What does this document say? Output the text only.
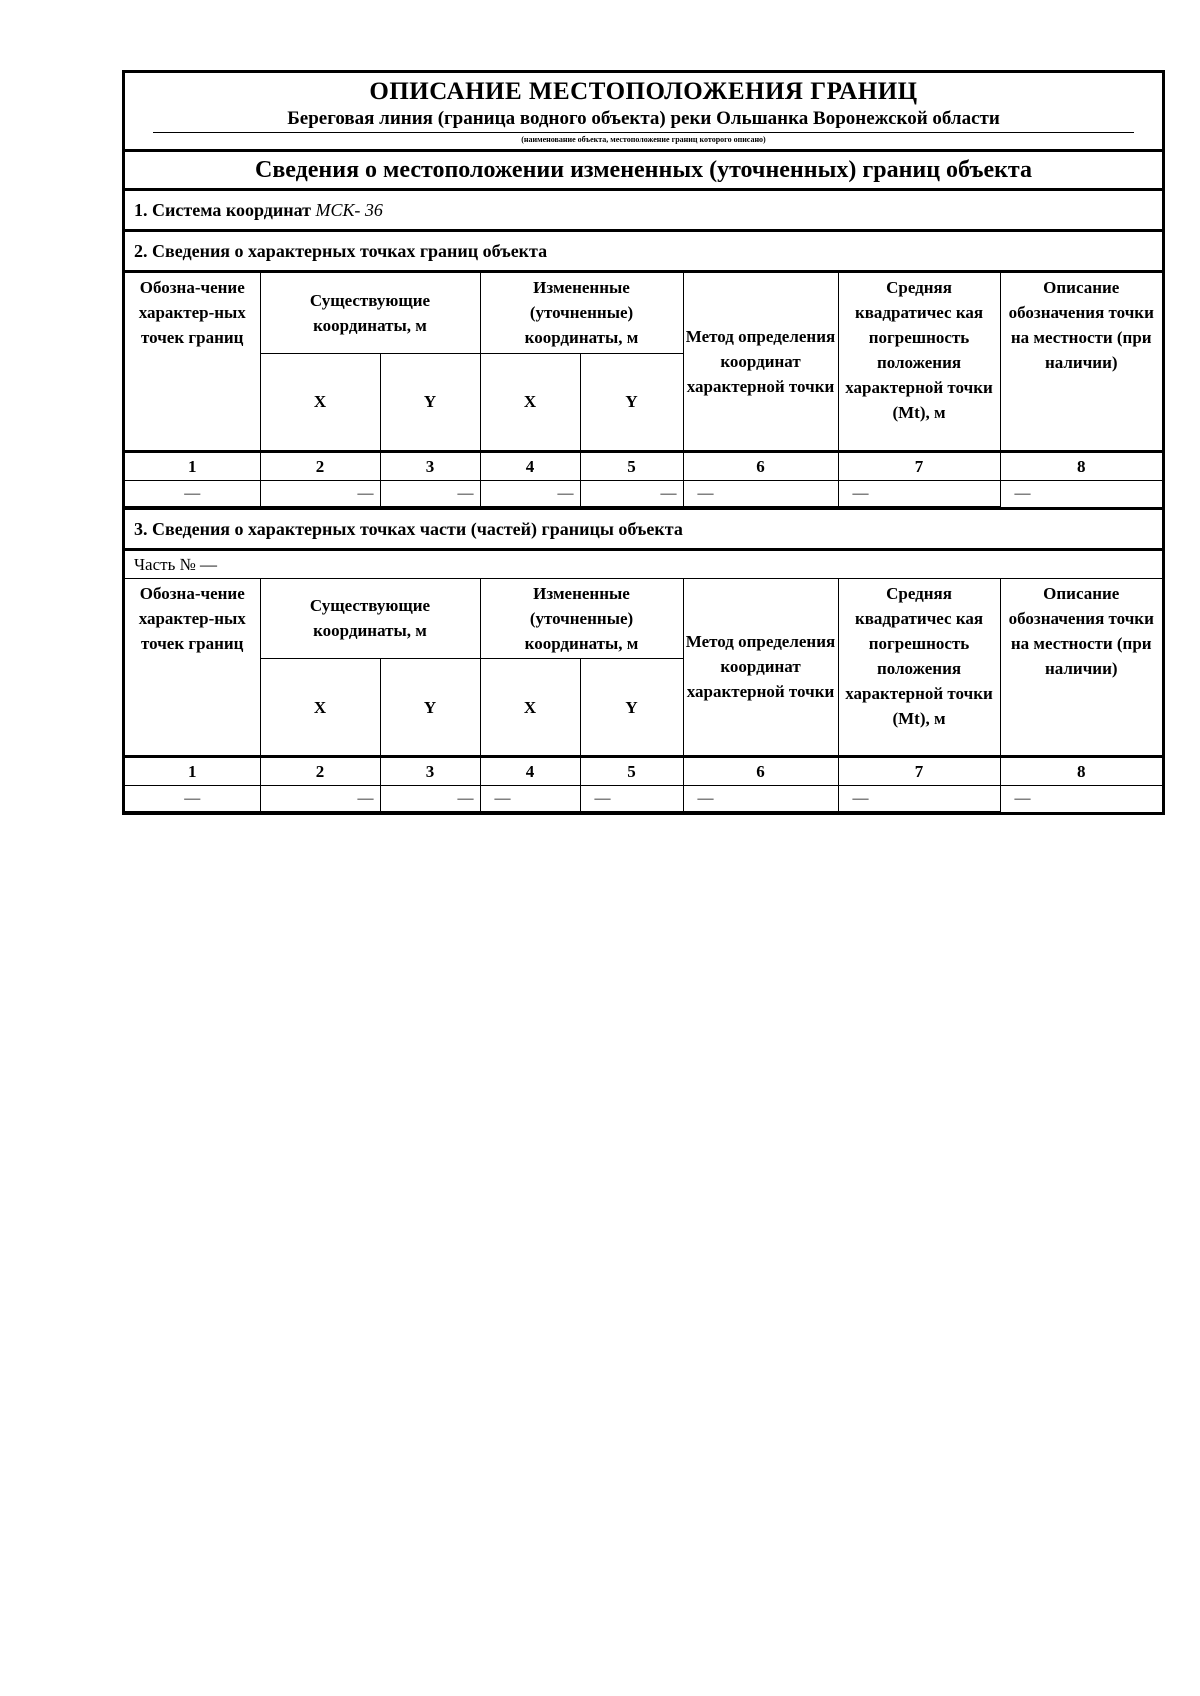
ОПИСАНИЕ МЕСТОПОЛОЖЕНИЯ ГРАНИЦ
Береговая линия (граница водного объекта) реки Ольшанка Воронежской области
(наименование объекта, местоположение границ которого описано)
Сведения о местоположении измененных (уточненных) границ объекта
1. Система координат МСК- 36
2. Сведения о характерных точках границ объекта
Обозна-чение характер-ных точек границ	Существующие координаты, м		Измененные (уточненные) координаты, м		Метод определения координат характерной точки	Средняя квадратичес кая погрешность положения характерной точки (Mt), м	Описание обозначения точки на местности (при наличии)
	X	Y	X	Y			
1	2	3	4	5	6	7	8
—	—	—	—	—	—	—	—
3. Сведения о характерных точках части (частей) границы объекта
Часть № —
Обозна-чение характер-ных точек границ	Существующие координаты, м		Измененные (уточненные) координаты, м		Метод определения координат характерной точки	Средняя квадратичес кая погрешность положения характерной точки (Mt), м	Описание обозначения точки на местности (при наличии)
	X	Y	X	Y			
1	2	3	4	5	6	7	8
—	—	—	—	—	—	—	—
